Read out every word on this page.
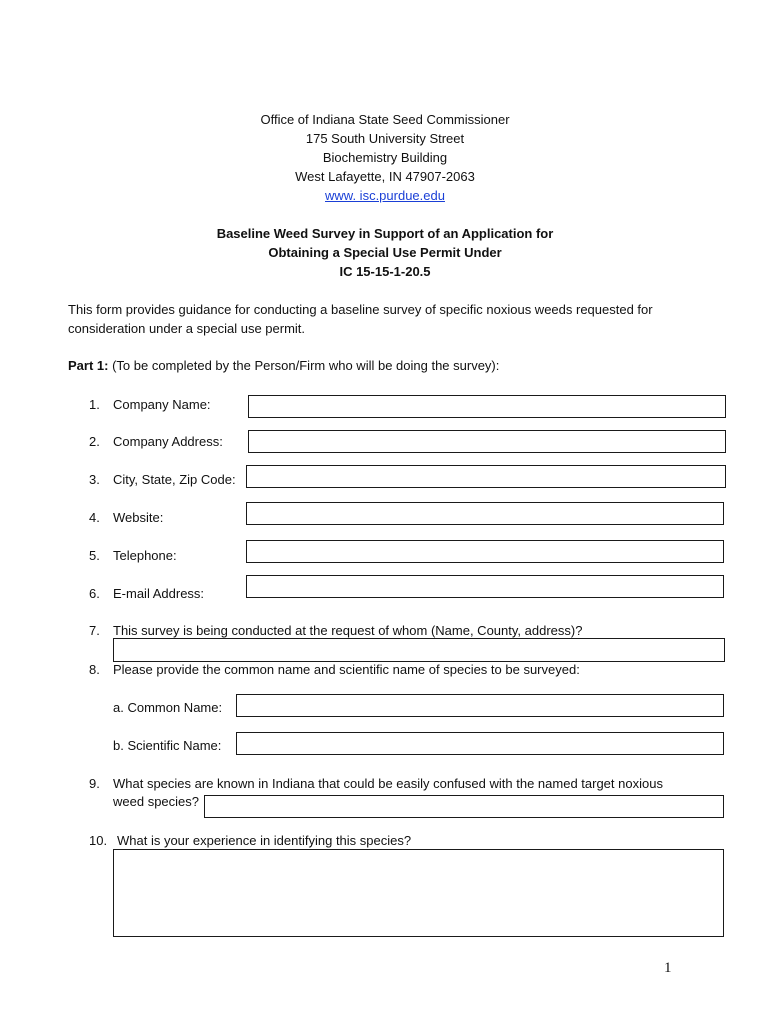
Office of Indiana State Seed Commissioner
175 South University Street
Biochemistry Building
West Lafayette, IN 47907-2063
www. isc.purdue.edu
Baseline Weed Survey in Support of an Application for
Obtaining a Special Use Permit Under
IC 15-15-1-20.5
This form provides guidance for conducting a baseline survey of specific noxious weeds requested for consideration under a special use permit.
Part 1: (To be completed by the Person/Firm who will be doing the survey):
1. Company Name:
2. Company Address:
3. City, State, Zip Code:
4. Website:
5. Telephone:
6. E-mail Address:
7. This survey is being conducted at the request of whom (Name, County, address)?
8. Please provide the common name and scientific name of species to be surveyed:
a. Common Name:
b. Scientific Name:
9. What species are known in Indiana that could be easily confused with the named target noxious
weed species?
10. What is your experience in identifying this species?
1
